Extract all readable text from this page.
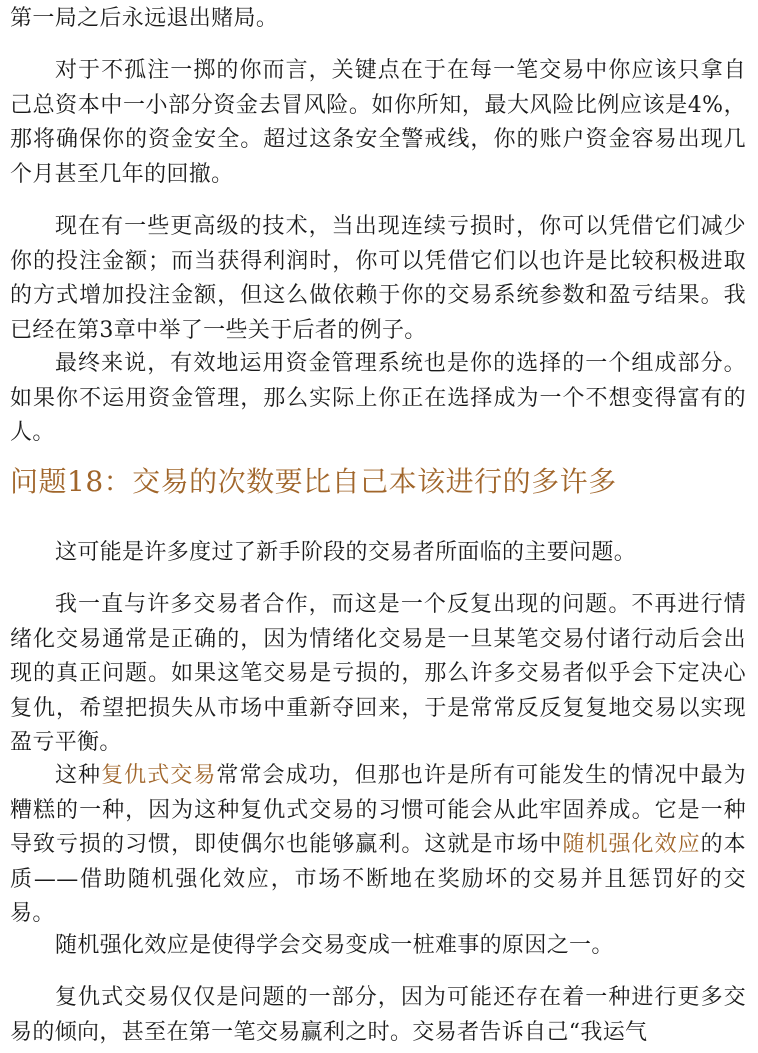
第一局之后永远退出赌局。

对于不孤注一掷的你而言，关键点在于在每一笔交易中你应该只拿自己总资本中一小部分资金去冒风险。如你所知，最大风险比例应该是4%，那将确保你的资金安全。超过这条安全警戒线，你的账户资金容易出现几个月甚至几年的回撤。

现在有一些更高级的技术，当出现连续亏损时，你可以凭借它们减少你的投注金额；而当获得利润时，你可以凭借它们以也许是比较积极进取的方式增加投注金额，但这么做依赖于你的交易系统参数和盈亏结果。我已经在第3章中举了一些关于后者的例子。

最终来说，有效地运用资金管理系统也是你的选择的一个组成部分。如果你不运用资金管理，那么实际上你正在选择成为一个不想变得富有的人。

问题18：交易的次数要比自己本该进行的多许多

这可能是许多度过了新手阶段的交易者所面临的主要问题。

我一直与许多交易者合作，而这是一个反复出现的问题。不再进行情绪化交易通常是正确的，因为情绪化交易是一旦某笔交易付诸行动后会出现的真正问题。如果这笔交易是亏损的，那么许多交易者似乎会下定决心复仇，希望把损失从市场中重新夺回来，于是常常反反复复地交易以实现盈亏平衡。

这种复仇式交易常常会成功，但那也许是所有可能发生的情况中最为糟糕的一种，因为这种复仇式交易的习惯可能会从此牢固养成。它是一种导致亏损的习惯，即使偶尔也能够赢利。这就是市场中随机强化效应的本质——借助随机强化效应，市场不断地在奖励坏的交易并且惩罚好的交易。

随机强化效应是使得学会交易变成一桩难事的原因之一。

复仇式交易仅仅是问题的一部分，因为可能还存在着一种进行更多交易的倾向，甚至在第一笔交易赢利之时。交易者告诉自己“我运气
